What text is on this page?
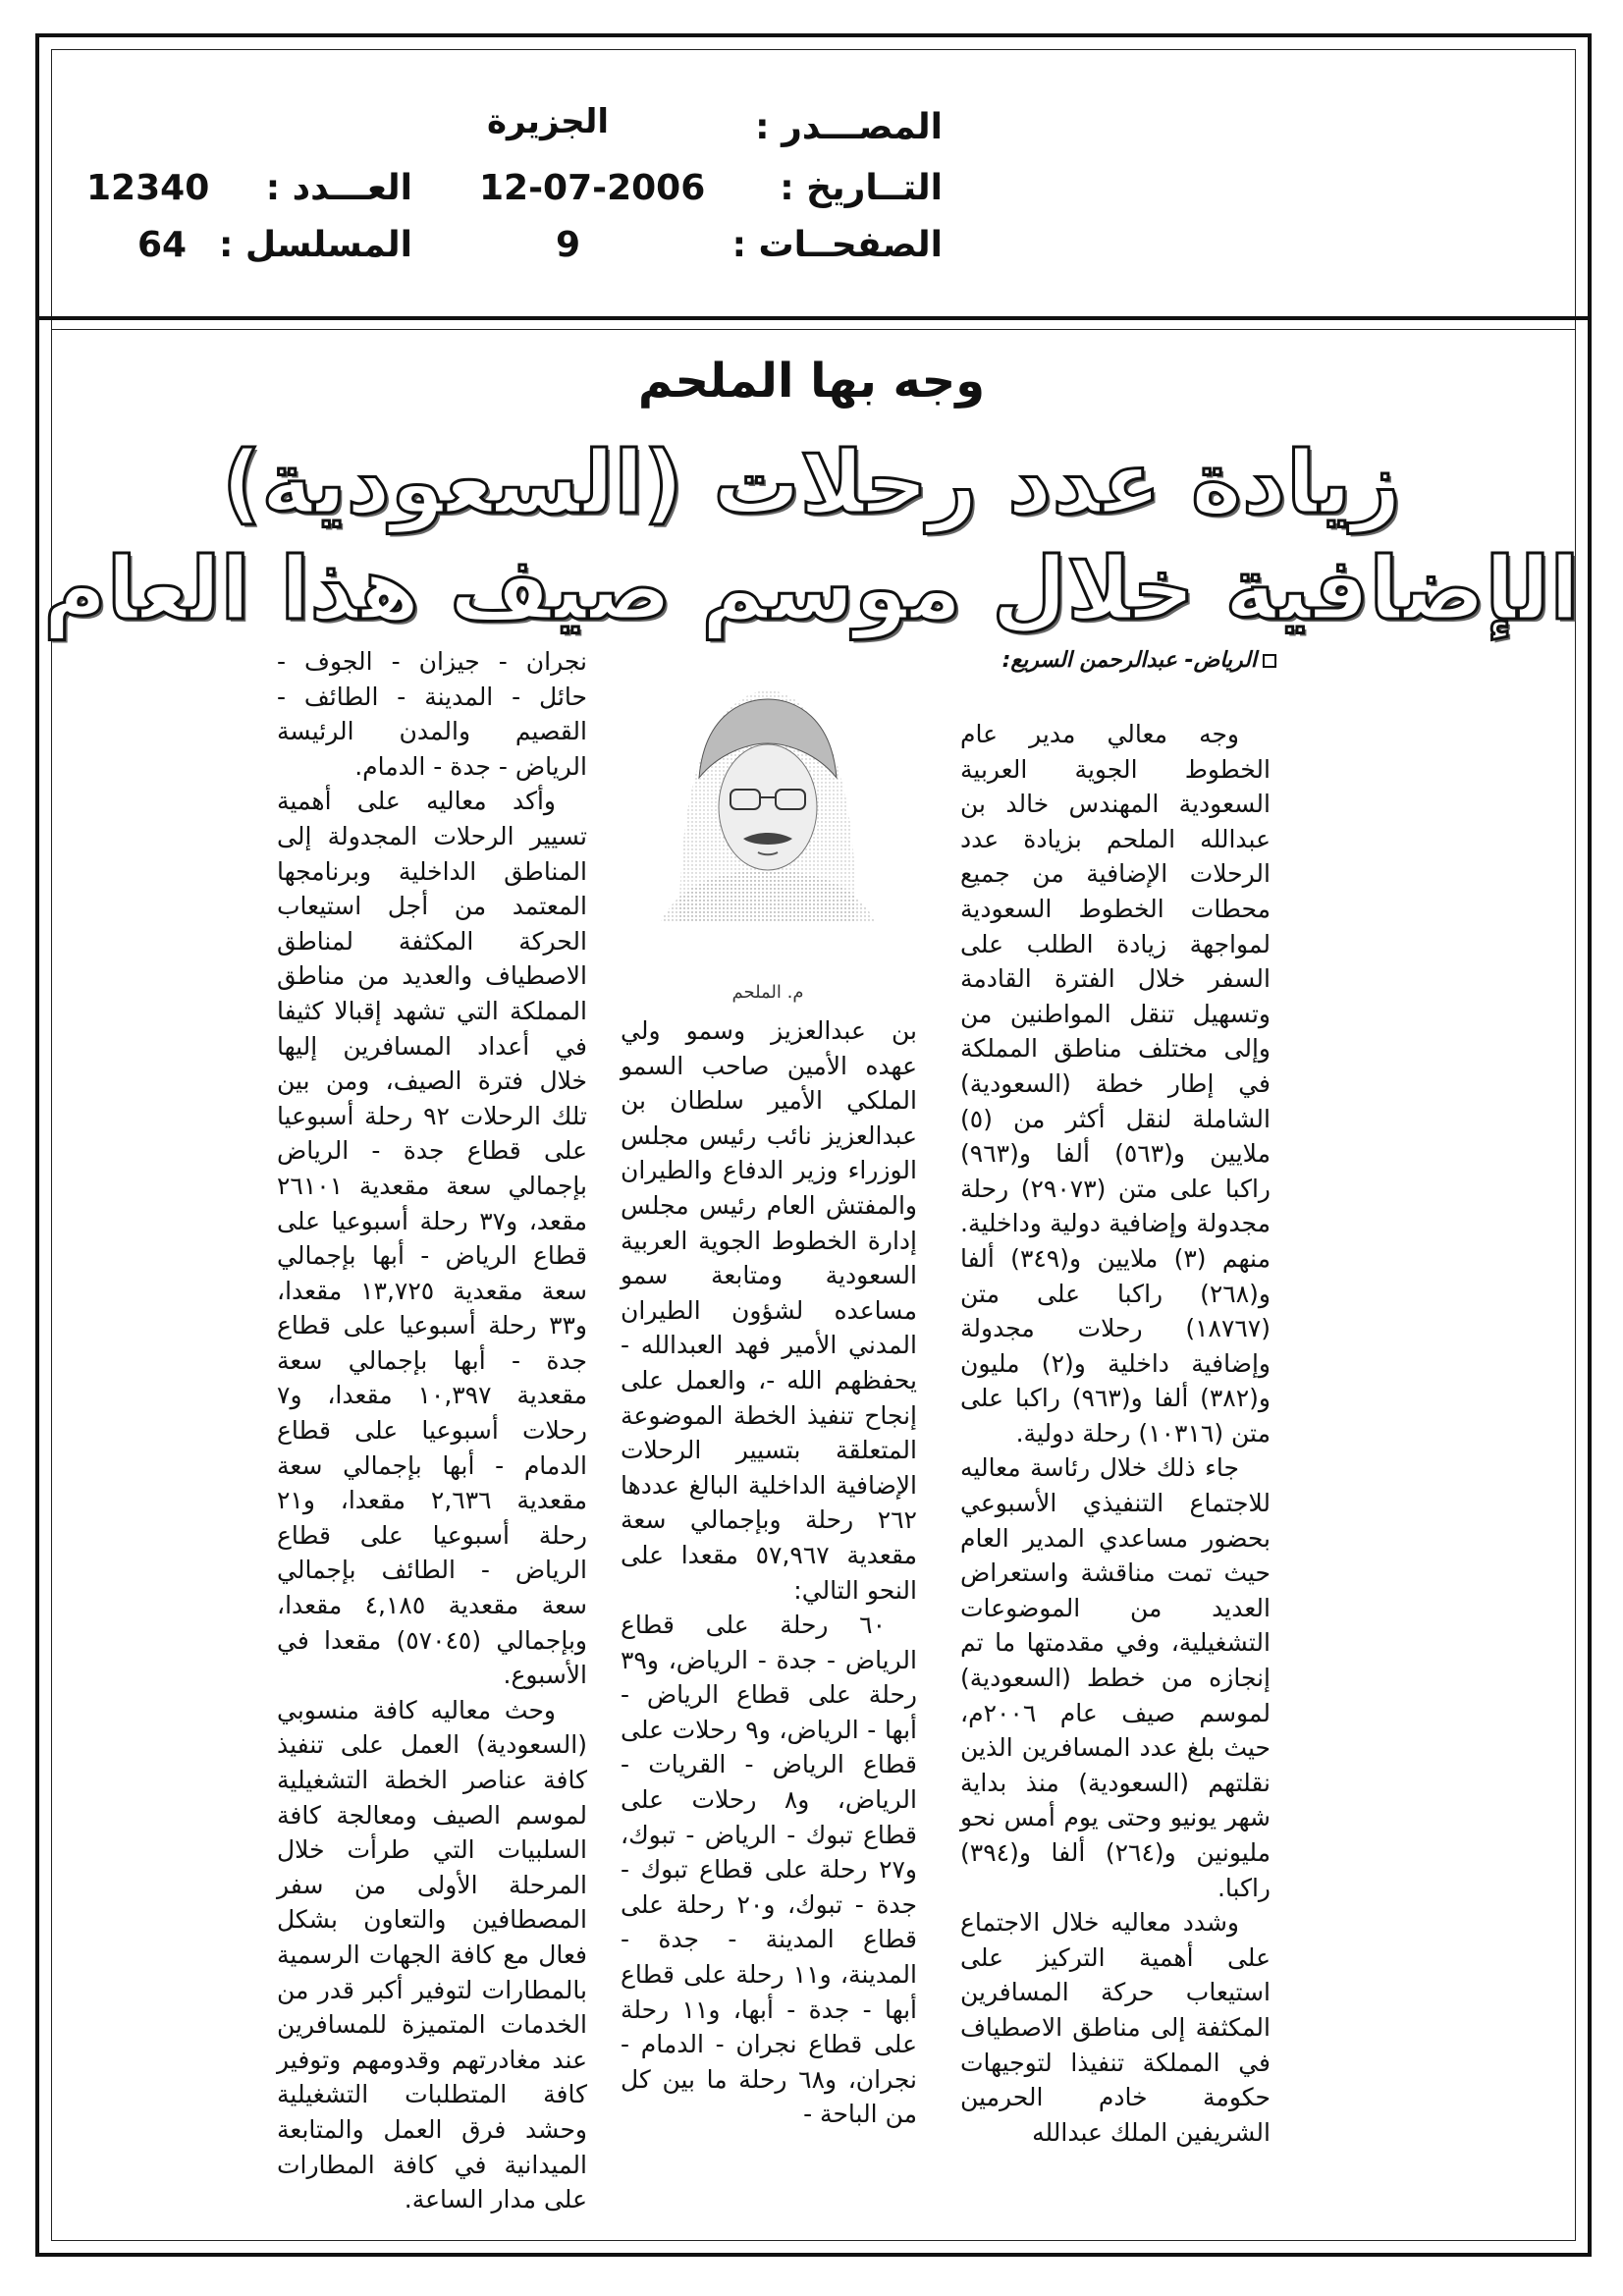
المصـــدر :
الجزيرة
التــاريخ :
12-07-2006
العـــدد :
12340
الصفحــات :
9
المسلسل :
64
وجه بها الملحم
زيادة عدد رحلات (السعودية)
الإضافية خلال موسم صيف هذا العام
الرياض- عبدالرحمن السريع:
م. الملحم

وجه معالي مدير عام الخطوط الجوية العربية السعودية المهندس خالد بن عبدالله الملحم بزيادة عدد الرحلات الإضافية من جميع محطات الخطوط السعودية لمواجهة زيادة الطلب على السفر خلال الفترة القادمة وتسهيل تنقل المواطنين من وإلى مختلف مناطق المملكة في إطار خطة (السعودية) الشاملة لنقل أكثر من (٥) ملايين و(٥٦٣) ألفا و(٩٦٣) راكبا على متن (٢٩٠٧٣) رحلة مجدولة وإضافية دولية وداخلية. منهم (٣) ملايين و(٣٤٩) ألفا و(٢٦٨) راكبا على متن (١٨٧٦٧) رحلات مجدولة وإضافية داخلية و(٢) مليون و(٣٨٢) ألفا و(٩٦٣) راكبا على متن (١٠٣١٦) رحلة دولية.

جاء ذلك خلال رئاسة معاليه للاجتماع التنفيذي الأسبوعي بحضور مساعدي المدير العام حيث تمت مناقشة واستعراض العديد من الموضوعات التشغيلية، وفي مقدمتها ما تم إنجازه من خطط (السعودية) لموسم صيف عام ٢٠٠٦م، حيث بلغ عدد المسافرين الذين نقلتهم (السعودية) منذ بداية شهر يونيو وحتى يوم أمس نحو مليونين و(٢٦٤) ألفا و(٣٩٤) راكبا.

وشدد معاليه خلال الاجتماع على أهمية التركيز على استيعاب حركة المسافرين المكثفة إلى مناطق الاصطياف في المملكة تنفيذا لتوجيهات حكومة خادم الحرمين الشريفين الملك عبدالله

بن عبدالعزيز وسمو ولي عهده الأمين صاحب السمو الملكي الأمير سلطان بن عبدالعزيز نائب رئيس مجلس الوزراء وزير الدفاع والطيران والمفتش العام رئيس مجلس إدارة الخطوط الجوية العربية السعودية ومتابعة سمو مساعده لشؤون الطيران المدني الأمير فهد العبدالله - يحفظهم الله -، والعمل على إنجاح تنفيذ الخطة الموضوعة المتعلقة بتسيير الرحلات الإضافية الداخلية البالغ عددها ٢٦٢ رحلة وبإجمالي سعة مقعدية ٥٧,٩٦٧ مقعدا على النحو التالي:

٦٠ رحلة على قطاع الرياض - جدة - الرياض، و٣٩ رحلة على قطاع الرياض - أبها - الرياض، و٩ رحلات على قطاع الرياض - القريات - الرياض، و٨ رحلات على قطاع تبوك - الرياض - تبوك، و٢٧ رحلة على قطاع تبوك - جدة - تبوك، و٢٠ رحلة على قطاع المدينة - جدة - المدينة، و١١ رحلة على قطاع أبها - جدة - أبها، و١١ رحلة على قطاع نجران - الدمام - نجران، و٦٨ رحلة ما بين كل من الباحة -

نجران - جيزان - الجوف - حائل - المدينة - الطائف - القصيم والمدن الرئيسة الرياض - جدة - الدمام.

وأكد معاليه على أهمية تسيير الرحلات المجدولة إلى المناطق الداخلية وبرنامجها المعتمد من أجل استيعاب الحركة المكثفة لمناطق الاصطياف والعديد من مناطق المملكة التي تشهد إقبالا كثيفا في أعداد المسافرين إليها خلال فترة الصيف، ومن بين تلك الرحلات ٩٢ رحلة أسبوعيا على قطاع جدة - الرياض بإجمالي سعة مقعدية ٢٦١٠١ مقعد، و٣٧ رحلة أسبوعيا على قطاع الرياض - أبها بإجمالي سعة مقعدية ١٣,٧٢٥ مقعدا، و٣٣ رحلة أسبوعيا على قطاع جدة - أبها بإجمالي سعة مقعدية ١٠,٣٩٧ مقعدا، و٧ رحلات أسبوعيا على قطاع الدمام - أبها بإجمالي سعة مقعدية ٢,٦٣٦ مقعدا، و٢١ رحلة أسبوعيا على قطاع الرياض - الطائف بإجمالي سعة مقعدية ٤,١٨٥ مقعدا، وبإجمالي (٥٧٠٤٥) مقعدا في الأسبوع.

وحث معاليه كافة منسوبي (السعودية) العمل على تنفيذ كافة عناصر الخطة التشغيلية لموسم الصيف ومعالجة كافة السلبيات التي طرأت خلال المرحلة الأولى من سفر المصطافين والتعاون بشكل فعال مع كافة الجهات الرسمية بالمطارات لتوفير أكبر قدر من الخدمات المتميزة للمسافرين عند مغادرتهم وقدومهم وتوفير كافة المتطلبات التشغيلية وحشد فرق العمل والمتابعة الميدانية في كافة المطارات على مدار الساعة.
